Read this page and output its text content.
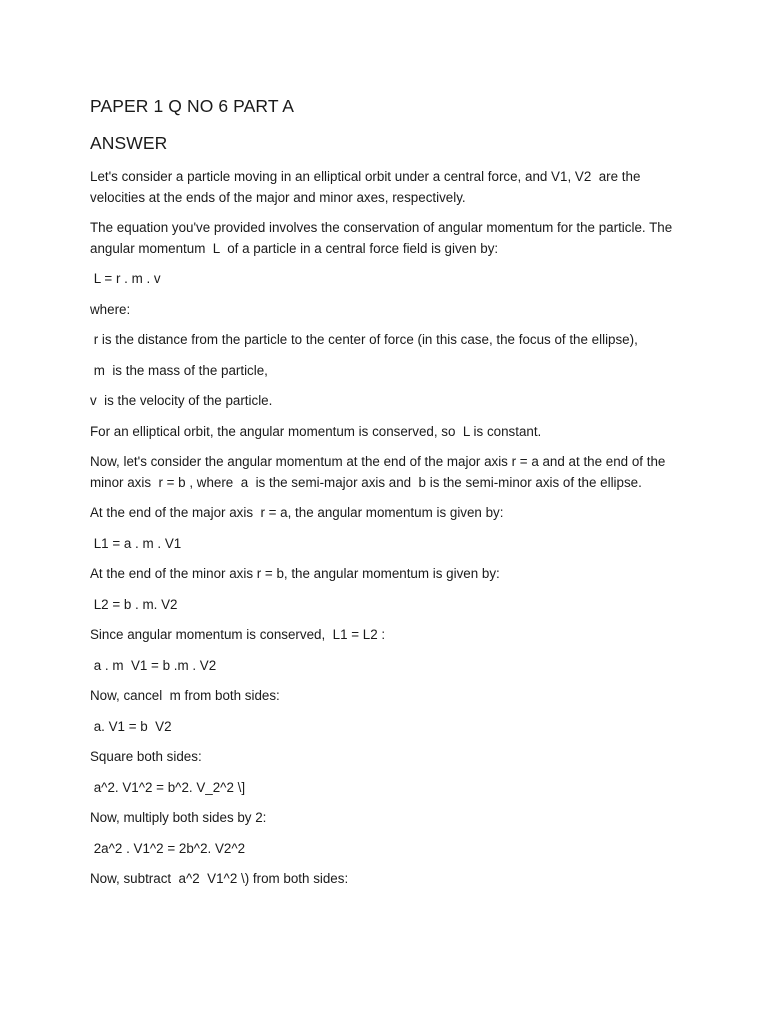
PAPER 1 Q NO 6 PART A
ANSWER

Let's consider a particle moving in an elliptical orbit under a central force, and V1, V2  are the velocities at the ends of the major and minor axes, respectively.

The equation you've provided involves the conservation of angular momentum for the particle. The angular momentum  L  of a particle in a central force field is given by:

L = r . m . v

where:

r is the distance from the particle to the center of force (in this case, the focus of the ellipse),

m  is the mass of the particle,

v  is the velocity of the particle.

For an elliptical orbit, the angular momentum is conserved, so  L is constant.

Now, let's consider the angular momentum at the end of the major axis r = a and at the end of the minor axis  r = b , where  a  is the semi-major axis and  b is the semi-minor axis of the ellipse.

At the end of the major axis  r = a, the angular momentum is given by:

L1 = a . m . V1

At the end of the minor axis r = b, the angular momentum is given by:

L2 = b . m. V2

Since angular momentum is conserved,  L1 = L2 :

a . m  V1 = b .m . V2

Now, cancel  m from both sides:

a. V1 = b  V2

Square both sides:

a^2. V1^2 = b^2. V_2^2 \]

Now, multiply both sides by 2:

2a^2 . V1^2 = 2b^2. V2^2

Now, subtract  a^2  V1^2 \) from both sides:
